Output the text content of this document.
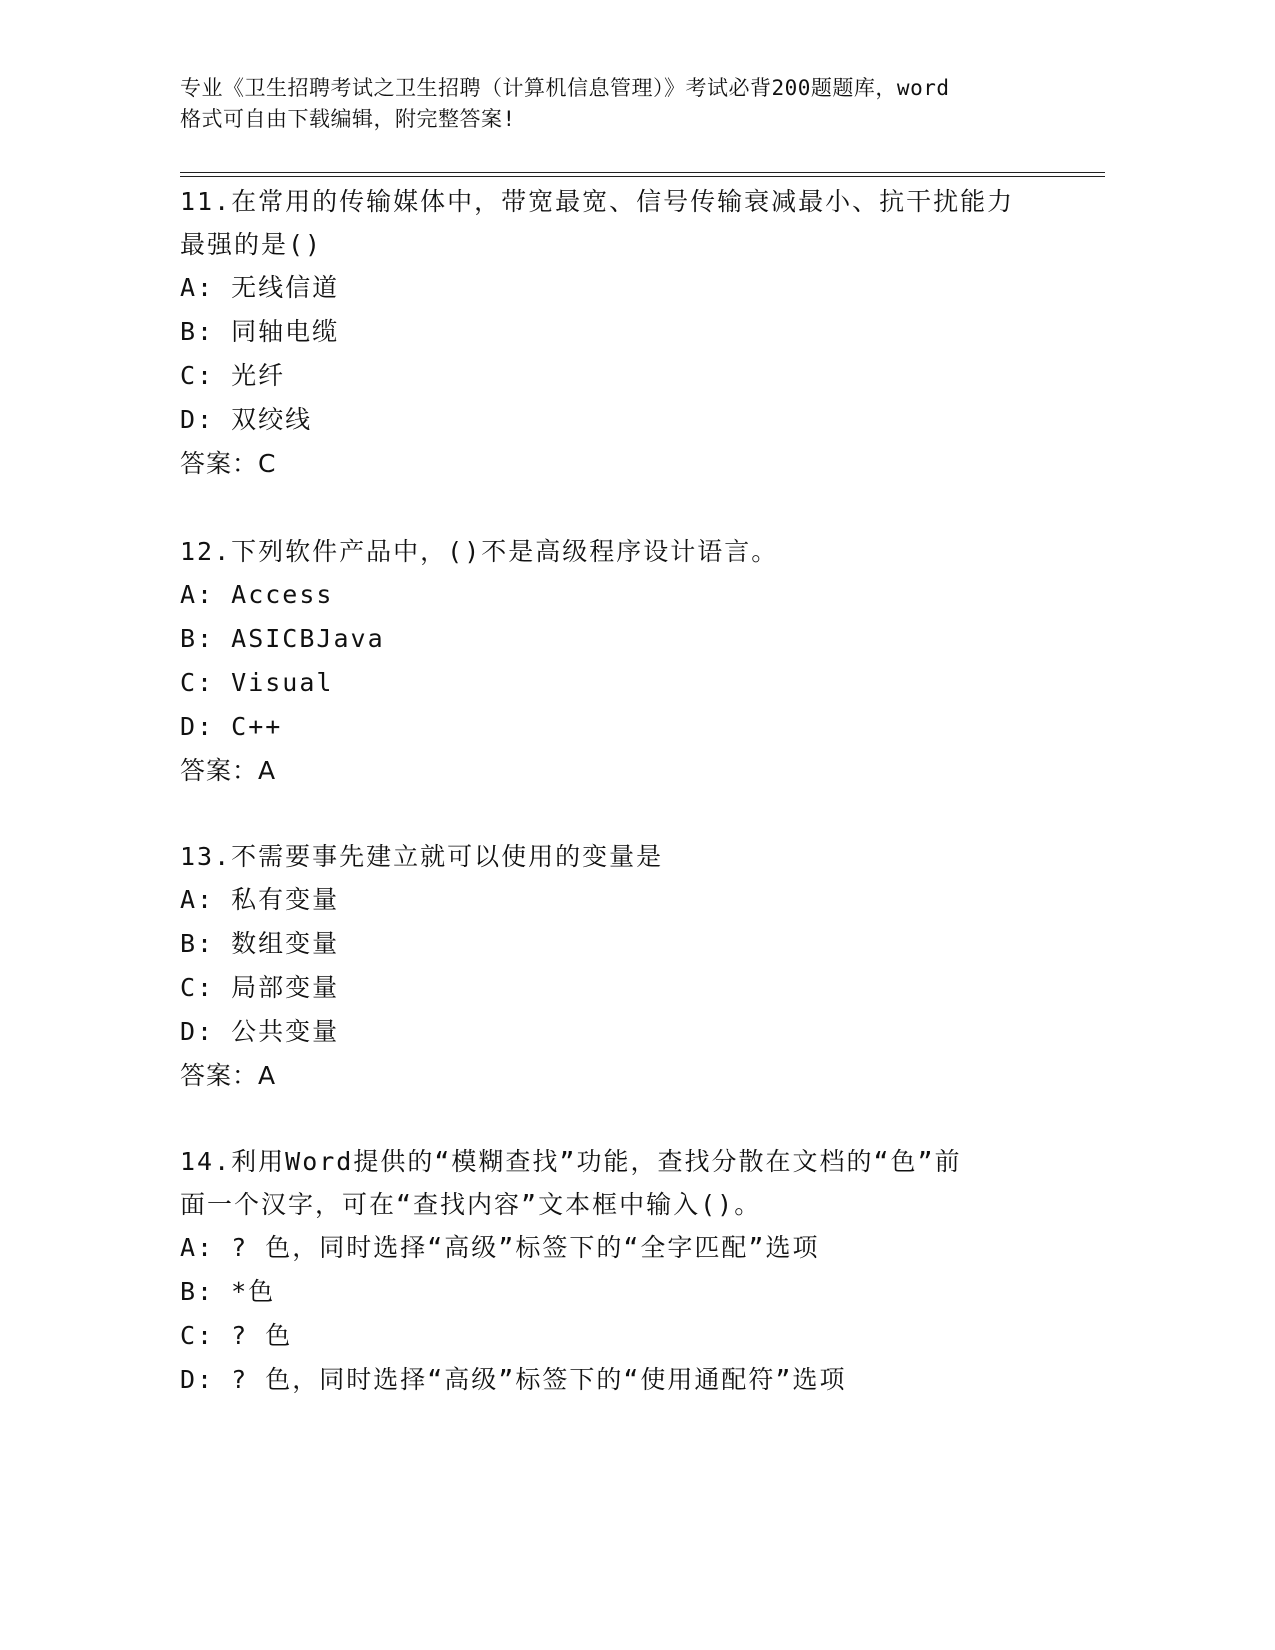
专业《卫生招聘考试之卫生招聘（计算机信息管理）》考试必背200题题库，word
格式可自由下载编辑，附完整答案!
11.在常用的传输媒体中，带宽最宽、信号传输衰减最小、抗干扰能力
最强的是()
A: 无线信道
B: 同轴电缆
C: 光纤
D: 双绞线
答案：C
12.下列软件产品中，()不是高级程序设计语言。
A: Access
B: ASICBJava
C: Visual
D: C++
答案：A
13.不需要事先建立就可以使用的变量是
A: 私有变量
B: 数组变量
C: 局部变量
D: 公共变量
答案：A
14.利用Word提供的“模糊查找”功能，查找分散在文档的“色”前
面一个汉字，可在“查找内容”文本框中输入()。
A: ? 色，同时选择“高级”标签下的“全字匹配”选项
B: *色
C: ? 色
D: ? 色，同时选择“高级”标签下的“使用通配符”选项
